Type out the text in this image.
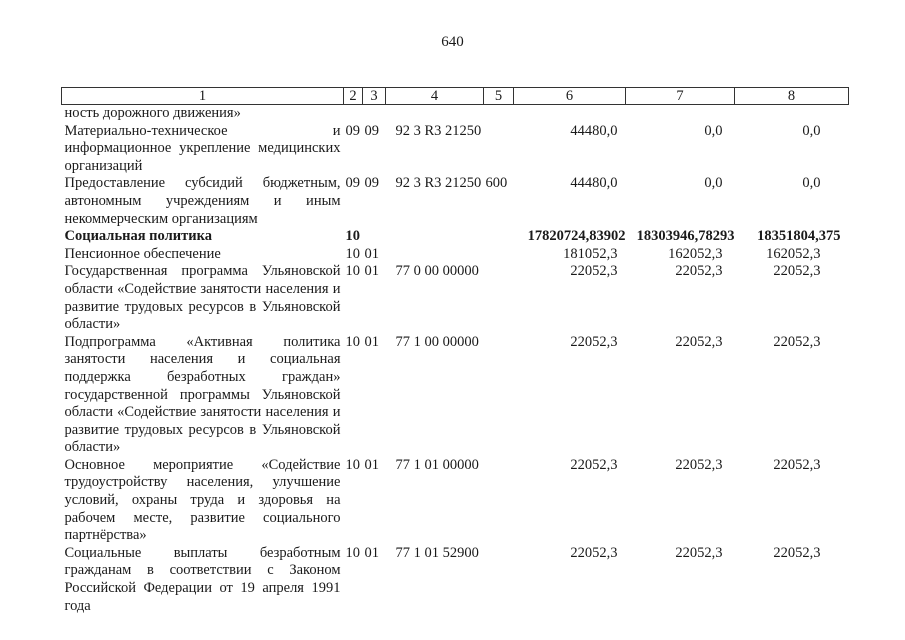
640
1	2	3	4	5	6	7	8
ность дорожного движения»							
Материально-техническое и информационное укрепление медицинских организаций	09	09	92 3 R3 21250		44480,0	0,0	0,0
Предоставление субсидий бюджетным, автономным учреждениям и иным некоммерческим организациям	09	09	92 3 R3 21250	600	44480,0	0,0	0,0
Социальная политика	10				17820724,83902	18303946,78293	18351804,375
Пенсионное обеспечение	10	01			181052,3	162052,3	162052,3
Государственная программа Ульяновской области «Содействие занятости населения и развитие трудовых ресурсов в Ульяновской области»	10	01	77 0 00 00000		22052,3	22052,3	22052,3
Подпрограмма «Активная политика занятости населения и социальная поддержка безработных граждан» государственной программы Ульяновской области «Содействие занятости населения и развитие трудовых ресурсов в Ульяновской области»	10	01	77 1 00 00000		22052,3	22052,3	22052,3
Основное мероприятие «Содействие трудоустройству населения, улучшение условий, охраны труда и здоровья на рабочем месте, развитие социального партнёрства»	10	01	77 1 01 00000		22052,3	22052,3	22052,3
Социальные выплаты безработным гражданам в соответствии с Законом Российской Федерации от 19 апреля 1991 года	10	01	77 1 01 52900		22052,3	22052,3	22052,3
